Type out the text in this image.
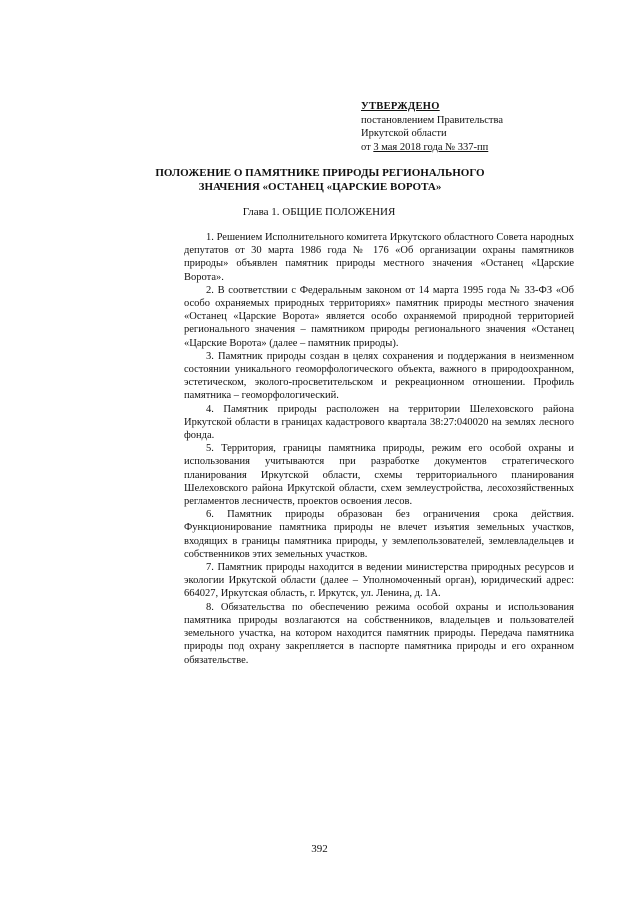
УТВЕРЖДЕНО
постановлением Правительства
Иркутской области
от 3 мая 2018 года № 337-пп
ПОЛОЖЕНИЕ О ПАМЯТНИКЕ ПРИРОДЫ РЕГИОНАЛЬНОГО
ЗНАЧЕНИЯ «ОСТАНЕЦ «ЦАРСКИЕ ВОРОТА»
Глава 1. ОБЩИЕ ПОЛОЖЕНИЯ

1. Решением Исполнительного комитета Иркутского областного Совета народных депутатов от 30 марта 1986 года № 176 «Об организации охраны памятников природы» объявлен памятник природы местного значения «Останец «Царские Ворота».

2. В соответствии с Федеральным законом от 14 марта 1995 года № 33-ФЗ «Об особо охраняемых природных территориях» памятник природы местного значения «Останец «Царские Ворота» является особо охраняемой природной территорией регионального значения – памятником природы регионального значения «Останец «Царские Ворота» (далее – памятник природы).

3. Памятник природы создан в целях сохранения и поддержания в неизменном состоянии уникального геоморфологического объекта, важного в природоохранном, эстетическом, эколого-просветительском и рекреационном отношении. Профиль памятника – геоморфологический.

4. Памятник природы расположен на территории Шелеховского района Иркутской области в границах кадастрового квартала 38:27:040020 на землях лесного фонда.

5. Территория, границы памятника природы, режим его особой охраны и использования учитываются при разработке документов стратегического планирования Иркутской области, схемы территориального планирования Шелеховского района Иркутской области, схем землеустройства, лесохозяйственных регламентов лесничеств, проектов освоения лесов.

6. Памятник природы образован без ограничения срока действия. Функционирование памятника природы не влечет изъятия земельных участков, входящих в границы памятника природы, у землепользователей, землевладельцев и собственников этих земельных участков.

7. Памятник природы находится в ведении министерства природных ресурсов и экологии Иркутской области (далее – Уполномоченный орган), юридический адрес: 664027, Иркутская область, г. Иркутск, ул. Ленина, д. 1А.

8. Обязательства по обеспечению режима особой охраны и использования памятника природы возлагаются на собственников, владельцев и пользователей земельного участка, на котором находится памятник природы. Передача памятника природы под охрану закрепляется в паспорте памятника природы и его охранном обязательстве.

392
